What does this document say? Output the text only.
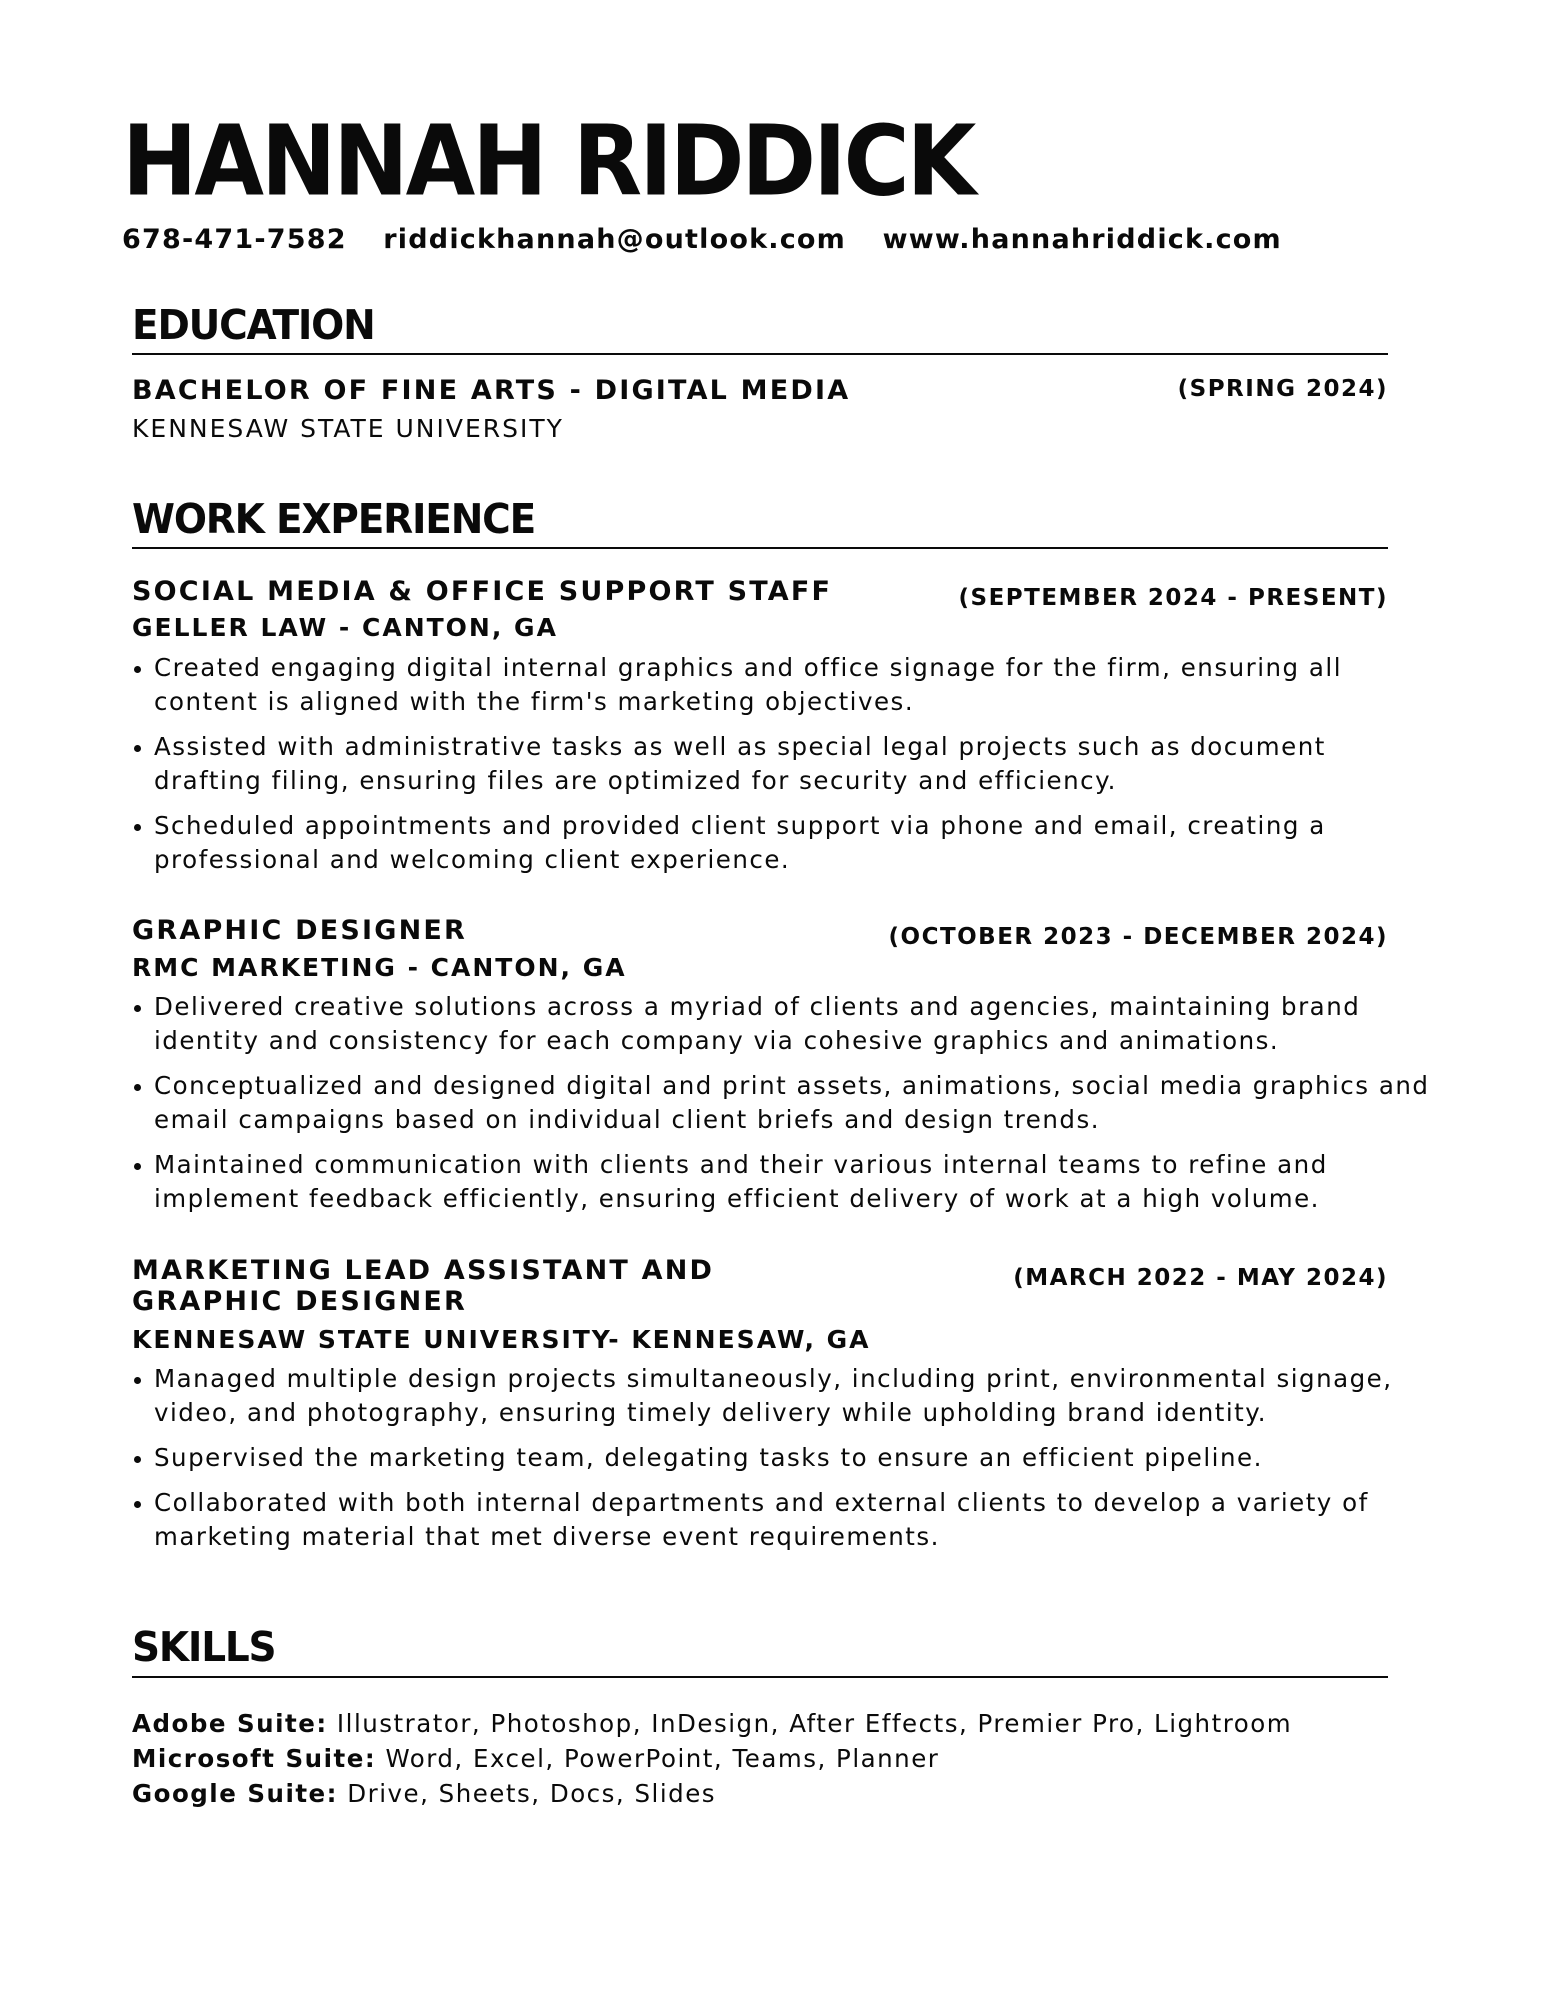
HANNAH RIDDICK
678-471-7582 riddickhannah@outlook.com www.hannahriddick.com
EDUCATION
BACHELOR OF FINE ARTS - DIGITAL MEDIA	(SPRING 2024)
KENNESAW STATE UNIVERSITY
WORK EXPERIENCE
SOCIAL MEDIA & OFFICE SUPPORT STAFF	(SEPTEMBER 2024 - PRESENT)
GELLER LAW - CANTON, GA
Created engaging digital internal graphics and office signage for the firm, ensuring all content is aligned with the firm's marketing objectives.
Assisted with administrative tasks as well as special legal projects such as document drafting filing, ensuring files are optimized for security and efficiency.
Scheduled appointments and provided client support via phone and email, creating a professional and welcoming client experience.
GRAPHIC DESIGNER	(OCTOBER 2023 - DECEMBER 2024)
RMC MARKETING - CANTON, GA
Delivered creative solutions across a myriad of clients and agencies, maintaining brand identity and consistency for each company via cohesive graphics and animations.
Conceptualized and designed digital and print assets, animations, social media graphics and email campaigns based on individual client briefs and design trends.
Maintained communication with clients and their various internal teams to refine and implement feedback efficiently, ensuring efficient delivery of work at a high volume.
MARKETING LEAD ASSISTANT AND
GRAPHIC DESIGNER
(MARCH 2022 - MAY 2024)
KENNESAW STATE UNIVERSITY- KENNESAW, GA
Managed multiple design projects simultaneously, including print, environmental signage, video, and photography, ensuring timely delivery while upholding brand identity.
Supervised the marketing team, delegating tasks to ensure an efficient pipeline.
Collaborated with both internal departments and external clients to develop a variety of marketing material that met diverse event requirements.
SKILLS
Adobe Suite: Illustrator, Photoshop, InDesign, After Effects, Premier Pro, Lightroom
Microsoft Suite: Word, Excel, PowerPoint, Teams, Planner
Google Suite: Drive, Sheets, Docs, Slides
